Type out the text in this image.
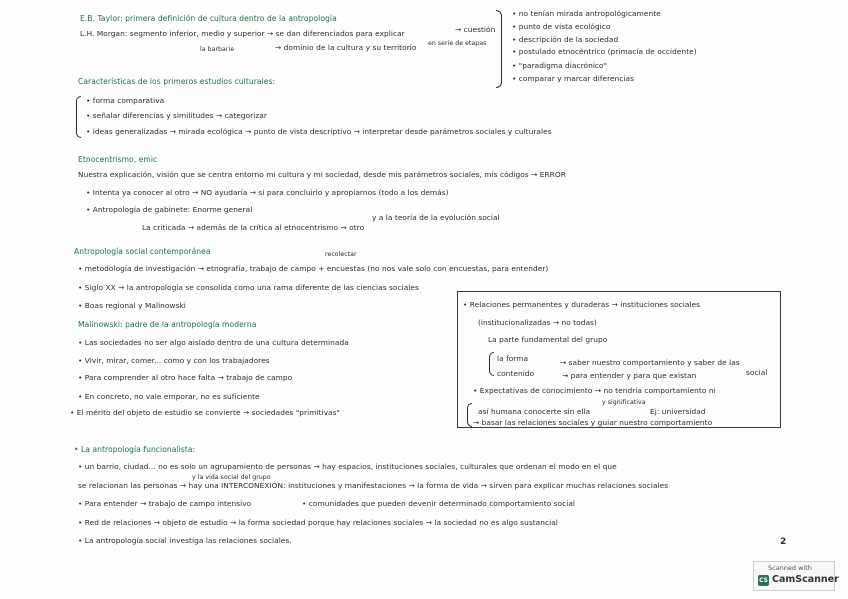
E.B. Taylor: primera definición de cultura dentro de la antropología
L.H. Morgan: segmento inferior, medio y superior → se dan diferenciados para explicar	→ cuestión
la barbarie	→ dominio de la cultura y su territorio en serie de etapas
• no tenían mirada antropológicamente
• punto de vista ecológico
• descripción de la sociedad
• postulado etnocéntrico (primacía de occidente)
• "paradigma diacrónico"
• comparar y marcar diferencias
Características de los primeros estudios culturales:
• forma comparativa
• señalar diferencias y similitudes → categorizar
• ideas generalizadas → mirada ecológica → punto de vista descriptivo → interpretar desde parámetros sociales y culturales
Etnocentrismo, emic
Nuestra explicación, visión que se centra entorno mi cultura y mi sociedad, desde mis parámetros sociales, mis códigos → ERROR
• Intenta ya conocer al otro → NO ayudaría → si para concluirlo y apropiarnos (todo a los demás)
• Antropología de gabinete: Enorme general
y a la teoría de la evolución social
La criticada → además de la crítica al etnocentrismo → otro
Antropología social contemporánea	recolectar
• metodología de investigación → etnografía, trabajo de campo + encuestas (no nos vale solo con encuestas, para entender)
• Siglo XX → la antropología se consolida como una rama diferente de las ciencias sociales
• Boas regional y Malinowski
Malinowski: padre de la antropología moderna
• Las sociedades no ser algo aislado dentro de una cultura determinada
• Vivir, mirar, comer... como y con los trabajadores
• Para comprender al otro hace falta → trabajo de campo
• En concreto, no vale emporar, no es suficiente
• El mérito del objeto de estudio se convierte → sociedades "primitivas"
• Relaciones permanentes y duraderas → instituciones sociales
(institucionalizadas → no todas)
La parte fundamental del grupo
la forma	→ saber nuestro comportamiento y saber de las
contenido	→ para entender y para que existan	social
• Expectativas de conocimiento → no tendría comportamiento ni
y significativa
así humana conocerte sin ella	Ej: universidad
→ basar las relaciones sociales y guiar nuestro comportamiento
• La antropología funcionalista:
• un barrio, ciudad... no es solo un agrupamiento de personas → hay espacios, instituciones sociales, culturales que ordenan el modo en el que
y la vida social del grupo
se relacionan las personas → hay una INTERCONEXIÓN: instituciones y manifestaciones → la forma de vida → sirven para explicar muchas relaciones sociales
• Para entender → trabajo de campo intensivo	• comunidades que pueden devenir determinado comportamiento social
• Red de relaciones → objeto de estudio → la forma sociedad porque hay relaciones sociales → la sociedad no es algo sustancial
• La antropología social investiga las relaciones sociales.	2
Scanned with
CS CamScanner
